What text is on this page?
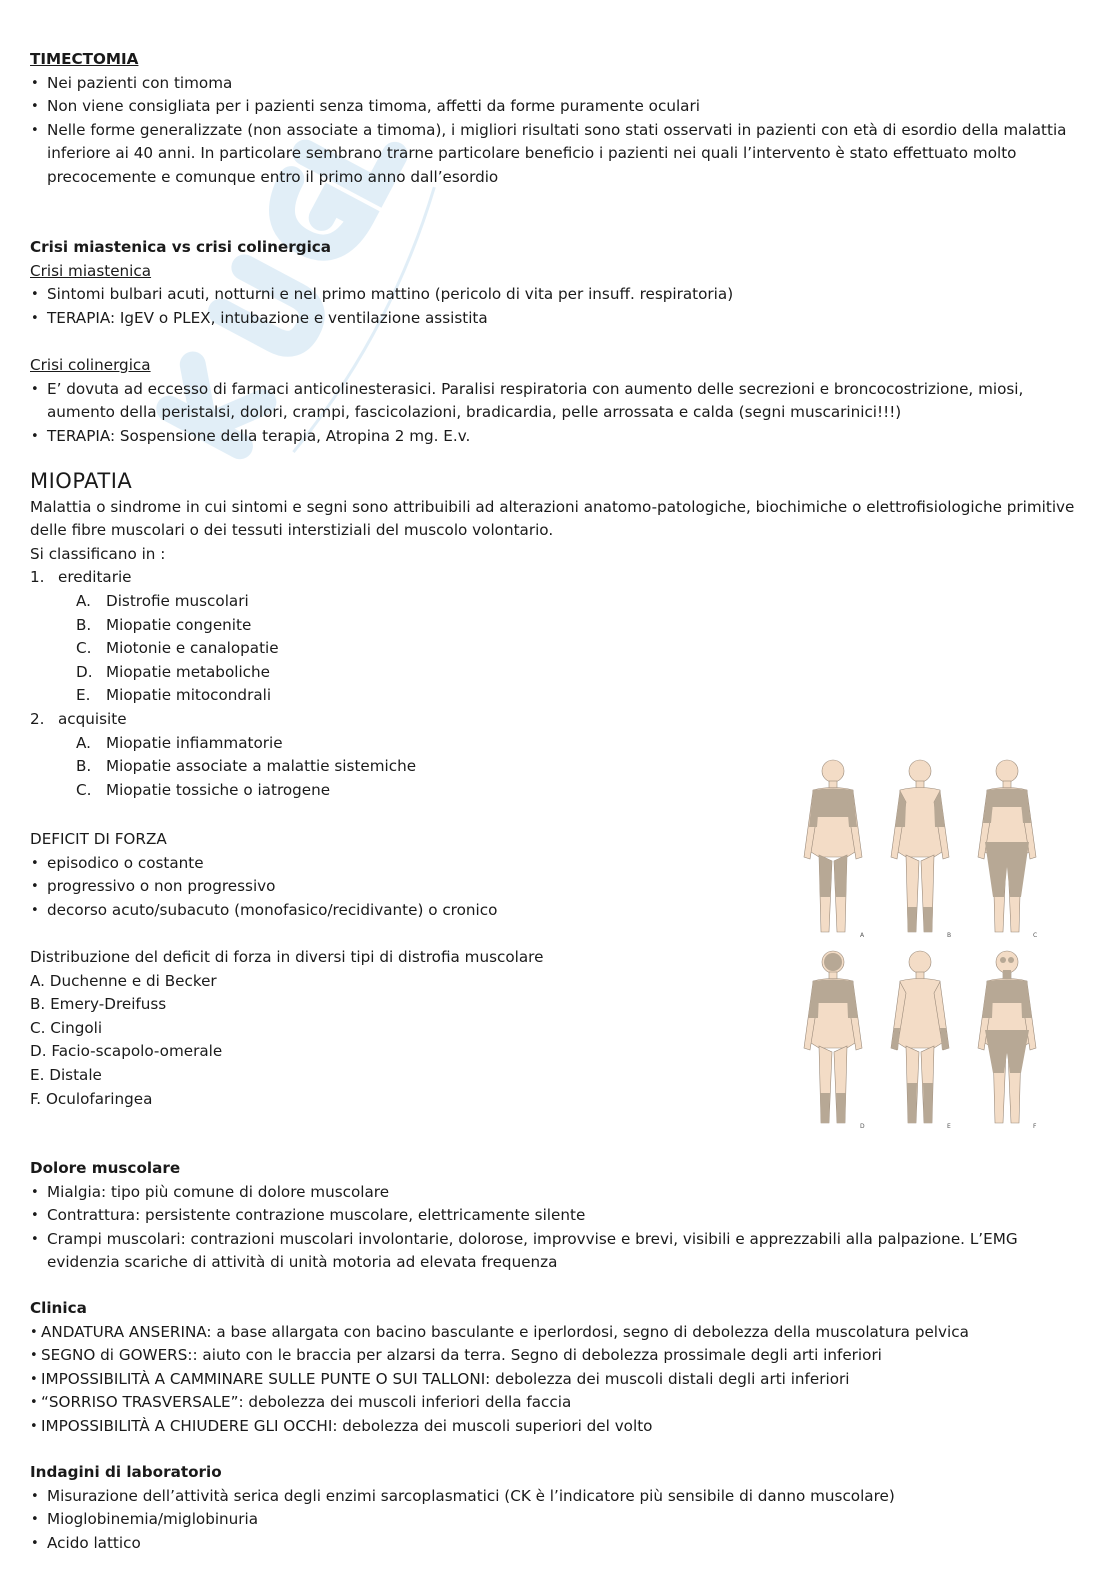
TIMECTOMIA
• Nei pazienti con timoma
• Non viene consigliata per i pazienti senza timoma, affetti da forme puramente oculari
• Nelle forme generalizzate (non associate a timoma), i migliori risultati sono stati osservati in pazienti con età di esordio della malattia inferiore ai 40 anni. In particolare sembrano trarne particolare beneficio i pazienti nei quali l’intervento è stato effettuato molto precocemente e comunque entro il primo anno dall’esordio
Crisi miastenica vs crisi colinergica
Crisi miastenica
• Sintomi bulbari acuti, notturni e nel primo mattino (pericolo di vita per insuff. respiratoria)
• TERAPIA: IgEV o PLEX, intubazione e ventilazione assistita
Crisi colinergica
• E’ dovuta ad eccesso di farmaci anticolinesterasici. Paralisi respiratoria con aumento delle secrezioni e broncocostrizione, miosi, aumento della peristalsi, dolori, crampi, fascicolazioni, bradicardia, pelle arrossata e calda (segni muscarinici!!!)
• TERAPIA: Sospensione della terapia, Atropina 2 mg. E.v.
MIOPATIA
Malattia o sindrome in cui sintomi e segni sono attribuibili ad alterazioni anatomo-patologiche, biochimiche o elettrofisiologiche primitive delle fibre muscolari o dei tessuti interstiziali del muscolo volontario.
Si classificano in :
1. ereditarie
A. Distrofie muscolari
B. Miopatie congenite
C. Miotonie e canalopatie
D. Miopatie metaboliche
E. Miopatie mitocondrali
2. acquisite
A. Miopatie infiammatorie
B. Miopatie associate a malattie sistemiche
C. Miopatie tossiche o iatrogene
DEFICIT DI FORZA
• episodico o costante
• progressivo o non progressivo
• decorso acuto/subacuto (monofasico/recidivante) o cronico
Distribuzione del deficit di forza in diversi tipi di distrofia muscolare
A. Duchenne e di Becker
B. Emery-Dreifuss
C. Cingoli
D. Facio-scapolo-omerale
E. Distale
F. Oculofaringea
A	B	C
D	E	F
Dolore muscolare
• Mialgia: tipo più comune di dolore muscolare
• Contrattura: persistente contrazione muscolare, elettricamente silente
• Crampi muscolari: contrazioni muscolari involontarie, dolorose, improvvise e brevi, visibili e apprezzabili alla palpazione. L’EMG evidenzia scariche di attività di unità motoria ad elevata frequenza
Clinica
• ANDATURA ANSERINA: a base allargata con bacino basculante e iperlordosi, segno di debolezza della muscolatura pelvica
• SEGNO di GOWERS:: aiuto con le braccia per alzarsi da terra. Segno di debolezza prossimale degli arti inferiori
• IMPOSSIBILITÀ A CAMMINARE SULLE PUNTE O SUI TALLONI: debolezza dei muscoli distali degli arti inferiori
• “SORRISO TRASVERSALE”: debolezza dei muscoli inferiori della faccia
• IMPOSSIBILITÀ A CHIUDERE GLI OCCHI: debolezza dei muscoli superiori del volto
Indagini di laboratorio
• Misurazione dell’attività serica degli enzimi sarcoplasmatici (CK è l’indicatore più sensibile di danno muscolare)
• Mioglobinemia/miglobinuria
• Acido lattico
